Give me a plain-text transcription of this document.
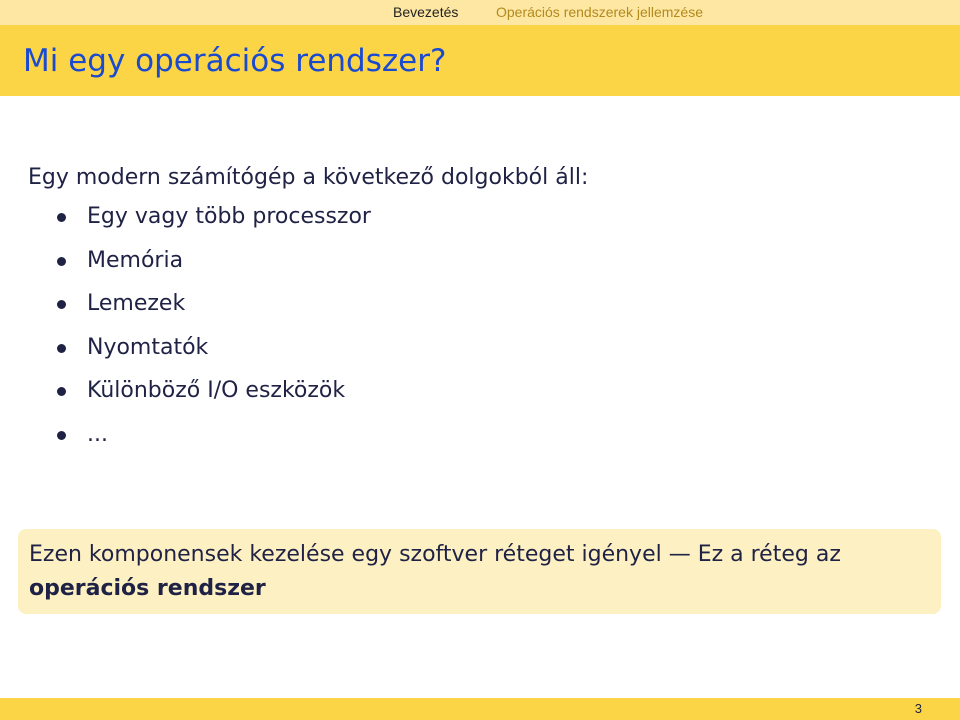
Bevezetés	Operációs rendszerek jellemzése
Mi egy operációs rendszer?
Egy modern számítógép a következő dolgokból áll:
Egy vagy több processzor
Memória
Lemezek
Nyomtatók
Különböző I/O eszközök
...

Ezen komponensek kezelése egy szoftver réteget igényel — Ez a réteg az operációs rendszer

3
